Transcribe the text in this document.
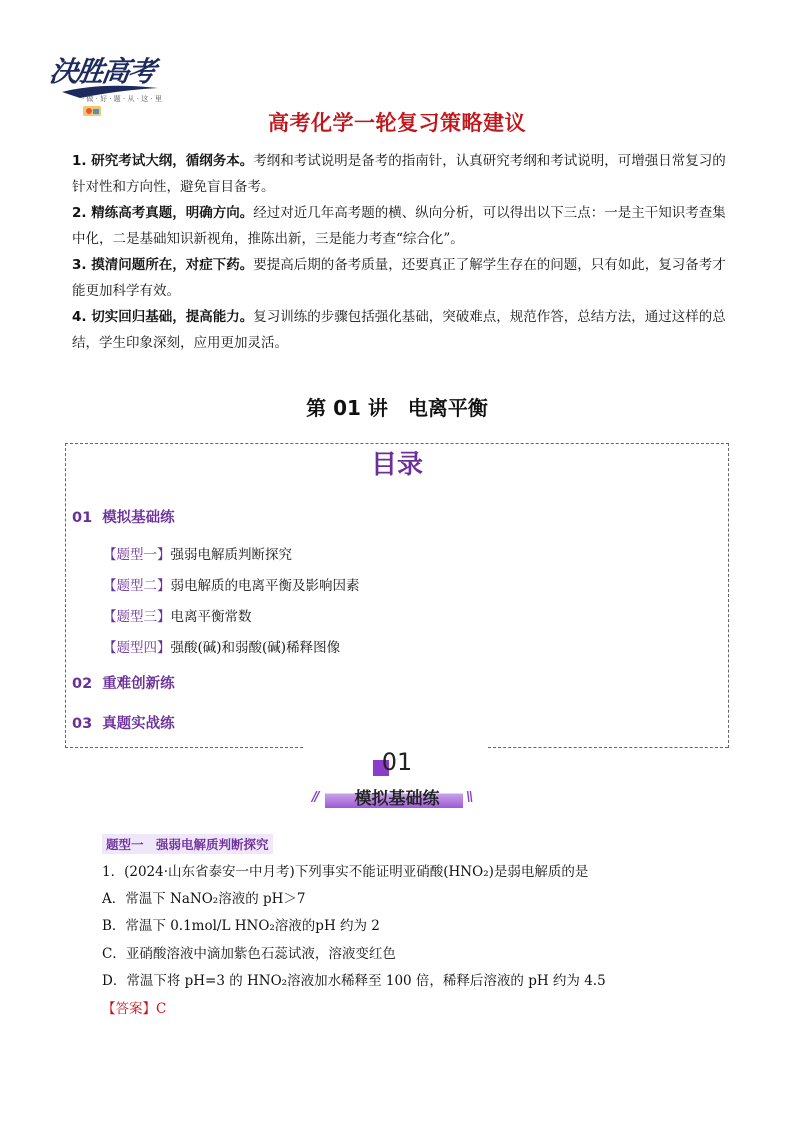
決胜高考
· 做 · 好 · 题 · 从 · 这 · 里
高考化学一轮复习策略建议

1. 研究考试大纲，循纲务本。考纲和考试说明是备考的指南针，认真研究考纲和考试说明，可增强日常复习的针对性和方向性，避免盲目备考。

2. 精练高考真题，明确方向。经过对近几年高考题的横、纵向分析，可以得出以下三点：一是主干知识考查集中化，二是基础知识新视角，推陈出新，三是能力考查“综合化”。

3. 摸清问题所在，对症下药。要提高后期的备考质量，还要真正了解学生存在的问题，只有如此，复习备考才能更加科学有效。

4. 切实回归基础，提高能力。复习训练的步骤包括强化基础，突破难点，规范作答，总结方法，通过这样的总结，学生印象深刻，应用更加灵活。

第 01 讲　电离平衡
目录
01 模拟基础练
【题型一】强弱电解质判断探究
【题型二】弱电解质的电离平衡及影响因素
【题型三】电离平衡常数
【题型四】强酸(碱)和弱酸(碱)稀释图像
02 重难创新练
03 真题实战练
01
//	\\
模拟基础练
题型一　强弱电解质判断探究
1．(2024·山东省泰安一中月考)下列事实不能证明亚硝酸(HNO₂)是弱电解质的是
A．常温下 NaNO₂溶液的 pH＞7
B．常温下 0.1mol/L HNO₂溶液的pH 约为 2
C．亚硝酸溶液中滴加紫色石蕊试液，溶液变红色
D．常温下将 pH=3 的 HNO₂溶液加水稀释至 100 倍，稀释后溶液的 pH 约为 4.5
【答案】C
